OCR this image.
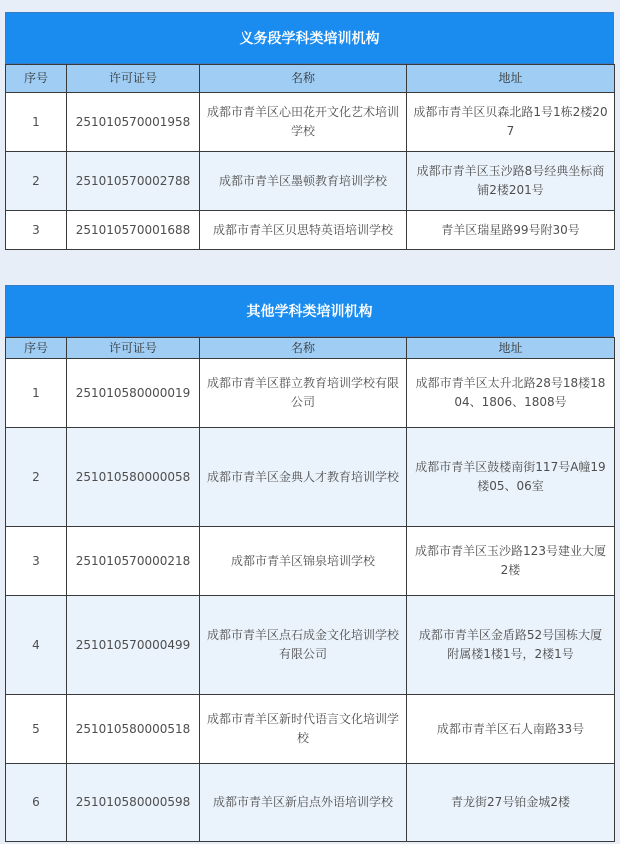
义务段学科类培训机构
序号	许可证号	名称	地址
1	251010570001958	成都市青羊区心田花开文化艺术培训学校	成都市青羊区贝森北路1号1栋2楼207
2	251010570002788	成都市青羊区墨顿教育培训学校	成都市青羊区玉沙路8号经典坐标商铺2楼201号
3	251010570001688	成都市青羊区贝思特英语培训学校	青羊区瑞星路99号附30号
其他学科类培训机构
序号	许可证号	名称	地址
1	251010580000019	成都市青羊区群立教育培训学校有限公司	成都市青羊区太升北路28号18楼1804、1806、1808号
2	251010580000058	成都市青羊区金典人才教育培训学校	成都市青羊区鼓楼南街117号A幢19楼05、06室
3	251010570000218	成都市青羊区锦泉培训学校	成都市青羊区玉沙路123号建业大厦2楼
4	251010570000499	成都市青羊区点石成金文化培训学校有限公司	成都市青羊区金盾路52号国栋大厦附属楼1楼1号，2楼1号
5	251010580000518	成都市青羊区新时代语言文化培训学校	成都市青羊区石人南路33号
6	251010580000598	成都市青羊区新启点外语培训学校	青龙街27号铂金城2楼
